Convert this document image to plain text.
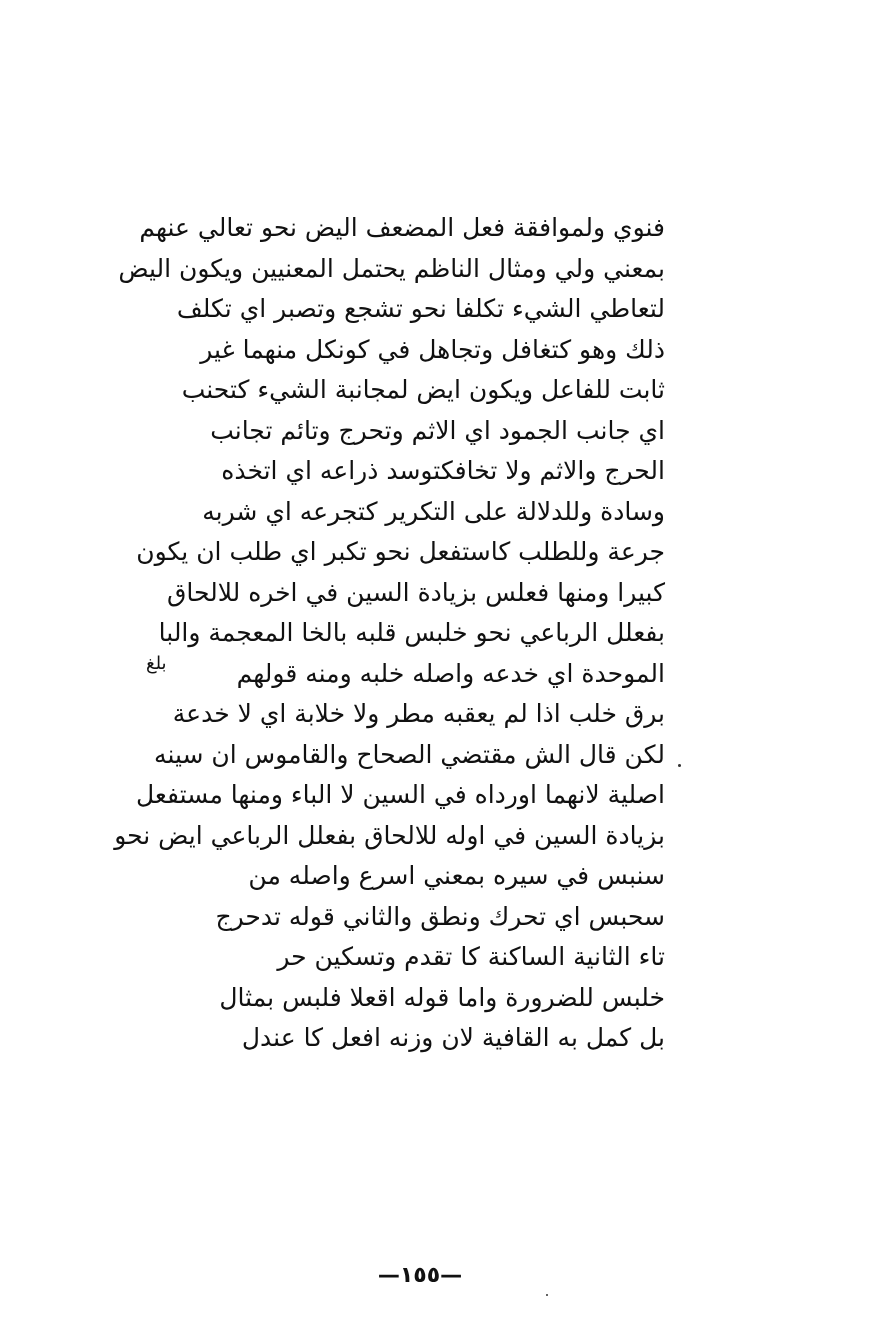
فنوي ولموافقة فعل المضعف اليض نحو تعالي عنهم
بمعني ولي ومثال الناظم يحتمل المعنيين ويكون اليض
لتعاطي الشيء تكلفا نحو تشجع وتصبر اي تكلف
ذلك وهو كتغافل وتجاهل في كونكل منهما غير
ثابت للفاعل ويكون ايض لمجانبة الشيء كتحنب
اي جانب الجمود اي الاثم وتحرج وتائم تجانب
الحرج والاثم ولا تخافكتوسد ذراعه اي اتخذه
وسادة وللدلالة على التكرير كتجرعه اي شربه
جرعة وللطلب كاستفعل نحو تكبر اي طلب ان يكون
كبيرا ومنها فعلس بزيادة السين في اخره للالحاق
بفعلل الرباعي نحو خلبس قلبه بالخا المعجمة والبا
الموحدة اي خدعه واصله خلبه ومنه قولهم
برق خلب اذا لم يعقبه مطر ولا خلابة اي لا خدعة
لكن قال الش مقتضي الصحاح والقاموس ان سينه
اصلية لانهما اورداه في السين لا الباء ومنها مستفعل
بزيادة السين في اوله للالحاق بفعلل الرباعي ايض نحو
سنبس في سيره بمعني اسرع واصله من
سحبس اي تحرك ونطق والثاني قوله تدحرج
تاء الثانية الساكنة كا تقدم وتسكين حر
خلبس للضرورة واما قوله اقعلا فلبس بمثال
بل كمل به القافية لان وزنه افعل كا عندل
بلغ
—١٥٥—
